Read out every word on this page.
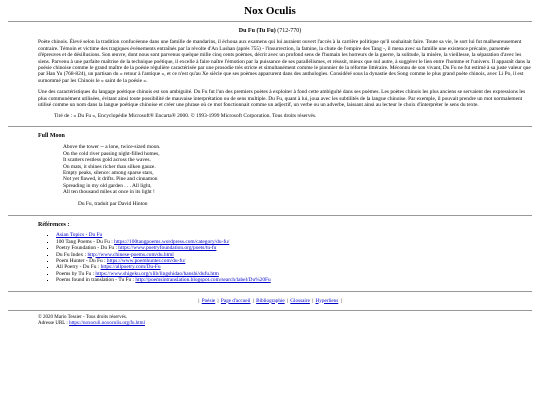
Nox Oculis
Du Fu (Tu Fu) (712-770)

Poète chinois. Élevé selon la tradition confucéenne dans une famille de mandarins, il échoua aux examens qui lui auraient ouvert l'accès à la carrière politique qu'il souhaitait faire. Toute sa vie, le sort lui fut malheureusement contraire. Témoin et victime des tragiques événements entraînés par la révolte d'An Lushan (après 755) - l'insurrection, la famine, la chute de l'empire des Tang -, il mena avec sa famille une existence précaire, parsemée d'épreuves et de désillusions. Son œuvre, dont nous sont parvenus quelque mille cinq cents poèmes, décrit avec un profond sens de l'humain les horreurs de la guerre, la solitude, la misère, la vieillesse, la séparation d'avec les siens. Parvenu à une parfaite maîtrise de la technique poétique, il excelle à faire naître l'émotion par la puissance de ses parallélismes, et réussit, mieux que nul autre, à suggérer le lien entre l'homme et l'univers. Il apparaît dans la poésie chinoise comme le grand maître de la poésie régulière caractérisée par une prosodie très stricte et simultanément comme le pionnier de la réforme littéraire. Méconnu de son vivant, Du Fu ne fut estimé à sa juste valeur que par Han Yu (768-824), un partisan du « retour à l'antique », et ce n'est qu'au Xe siècle que ses poèmes apparurent dans des anthologies. Considéré sous la dynastie des Song comme le plus grand poète chinois, avec Li Po, il est surnommé par les Chinois le « saint de la poésie ».

Une des caractéristiques du langage poétique chinois est son ambiguïté. Du Fu fut l'un des premiers poètes à exploiter à fond cette ambiguïté dans ses poèmes. Les poètes chinois les plus anciens se servaient des expressions les plus communément utilisées, évitant ainsi toute possibilité de mauvaise interprétation ou de sens multiple. Du Fu, quant à lui, joua avec les subtilités de la langue chinoise. Par exemple, il pouvait prendre un mot normalement utilisé comme un nom dans la langue poétique chinoise et créer une phrase où ce mot fonctionnait comme un adjectif, un verbe ou un adverbe, laissant ainsi au lecteur le choix d'interpréter le sens du texte.

Tiré de : « Du Fu », Encyclopédie Microsoft® Encarta® 2000. © 1993-1999 Microsoft Corporation. Tous droits réservés.

Full Moon
Above the tower -- a lone, twice-sized moon.
On the cold river passing night-filled homes,
It scatters restless gold across the waves.
On mats, it shines richer than silken gauze.
Empty peaks, silence: among sparse stars,
Not yet flawed, it drifts. Pine and cinnamon
Spreading in my old garden . . . All light,
All ten thousand miles at once in its light !
Du Fu, traduit par David Hinton
Références :
▪ Asian Topics - Du Fu
▪ 100 Tang Poems - Du Fu : https://100tangpoems.wordpress.com/category/du-fu/
▪ Poetry Foundation - Du Fu : https://www.poetryfoundation.org/poets/tu-fu
▪ Du Fu Index : http://www.chinese-poems.com/du.html
▪ Poem Hunter - Du Fu : https://www.poemhunter.com/du-fu/
▪ All Poetry - Du Fu : https://allpoetry.com/Du-Fu
▪ Poems by Tu Fu : https://www.shigeku.org/xlib/lingshidao/hanshi/dufu.htm
▪ Poems found in translation - Tu Fu : http://poemsintranslation.blogspot.com/search/label/Du%20Fu
| Poésie | Page d'accueil | Bibliographie | Glossaire | Hyperliens |
© 2020 Mario Tessier - Tous droits réservés.
Adresse URL : https://noxoculi.noxoculis.org/fu.html
